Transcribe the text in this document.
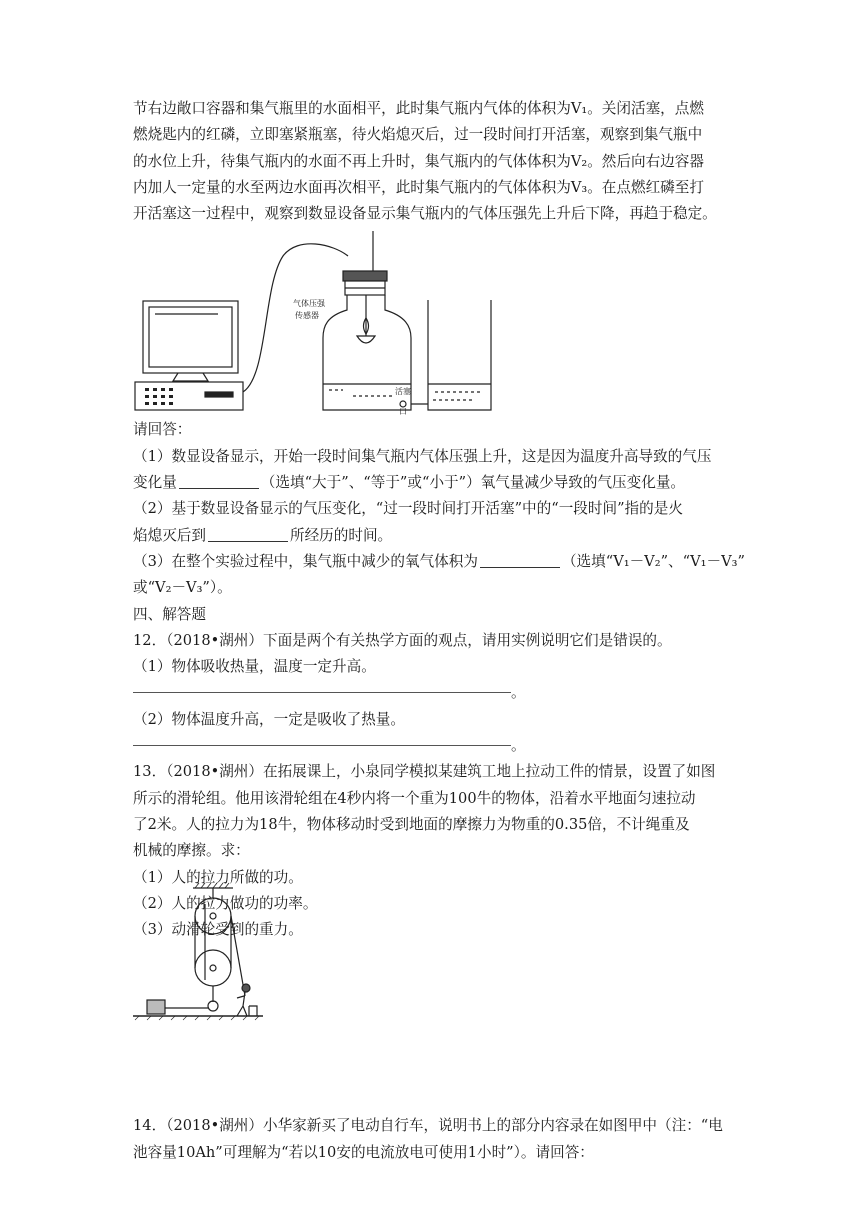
节右边敞口容器和集气瓶里的水面相平，此时集气瓶内气体的体积为V₁。关闭活塞，点燃
燃烧匙内的红磷，立即塞紧瓶塞，待火焰熄灭后，过一段时间打开活塞，观察到集气瓶中
的水位上升，待集气瓶内的水面不再上升时，集气瓶内的气体体积为V₂。然后向右边容器
内加人一定量的水至两边水面再次相平，此时集气瓶内的气体体积为V₃。在点燃红磷至打
开活塞这一过程中，观察到数显设备显示集气瓶内的气体压强先上升后下降，再趋于稳定。
请回答：
（1）数显设备显示，开始一段时间集气瓶内气体压强上升，这是因为温度升高导致的气压
变化量	（选填“大于”、“等于”或“小于”）氧气量减少导致的气压变化量。
（2）基于数显设备显示的气压变化，“过一段时间打开活塞”中的“一段时间”指的是火
焰熄灭后到	所经历的时间。
（3）在整个实验过程中，集气瓶中减少的氧气体积为	（选填“V₁－V₂”、“V₁－V₃”
或“V₂－V₃”）。
四、解答题
12．（2018•湖州）下面是两个有关热学方面的观点，请用实例说明它们是错误的。
（1）物体吸收热量，温度一定升高。
。
（2）物体温度升高，一定是吸收了热量。
。
13．（2018•湖州）在拓展课上，小泉同学模拟某建筑工地上拉动工件的情景，设置了如图
所示的滑轮组。他用该滑轮组在4秒内将一个重为100牛的物体，沿着水平地面匀速拉动
了2米。人的拉力为18牛，物体移动时受到地面的摩擦力为物重的0.35倍，不计绳重及
机械的摩擦。求：
（1）人的拉力所做的功。
（2）人的拉力做功的功率。
（3）动滑轮受到的重力。
14．（2018•湖州）小华家新买了电动自行车，说明书上的部分内容录在如图甲中（注：“电
池容量10Ah”可理解为“若以10安的电流放电可使用1小时”）。请回答：
气体压强
传感器
活塞
口
